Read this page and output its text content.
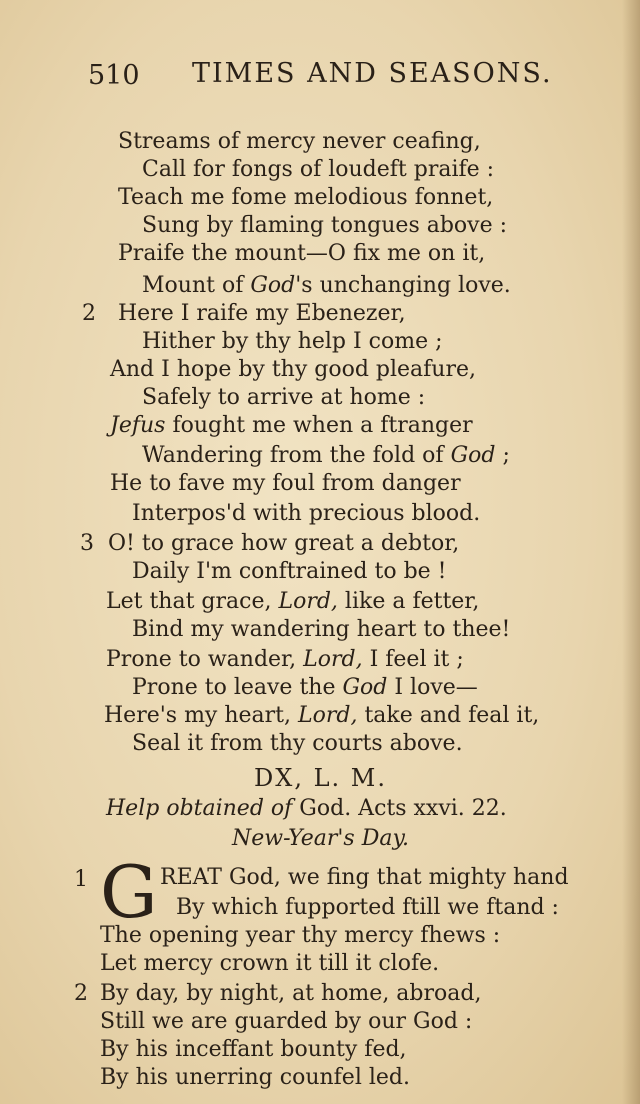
510 TIMES AND SEASONS.
Streams of mercy never ceafing,
Call for fongs of loudeft praife :
Teach me fome melodious fonnet,
Sung by flaming tongues above :
Praife the mount—O fix me on it,
Mount of God's unchanging love.
2 Here I raife my Ebenezer,
Hither by thy help I come ;
And I hope by thy good pleafure,
Safely to arrive at home :
Jefus fought me when a ftranger
Wandering from the fold of God ;
He to fave my foul from danger
Interpos'd with precious blood.
3 O! to grace how great a debtor,
Daily I'm conftrained to be !
Let that grace, Lord, like a fetter,
Bind my wandering heart to thee!
Prone to wander, Lord, I feel it ;
Prone to leave the God I love—
Here's my heart, Lord, take and feal it,
Seal it from thy courts above.
DX, L. M.
Help obtained of God. Acts xxvi. 22.
New-Year's Day.
1 G REAT God, we fing that mighty hand
By which fupported ftill we ftand :
The opening year thy mercy fhews :
Let mercy crown it till it clofe.
2 By day, by night, at home, abroad,
Still we are guarded by our God :
By his inceffant bounty fed,
By his unerring counfel led.
